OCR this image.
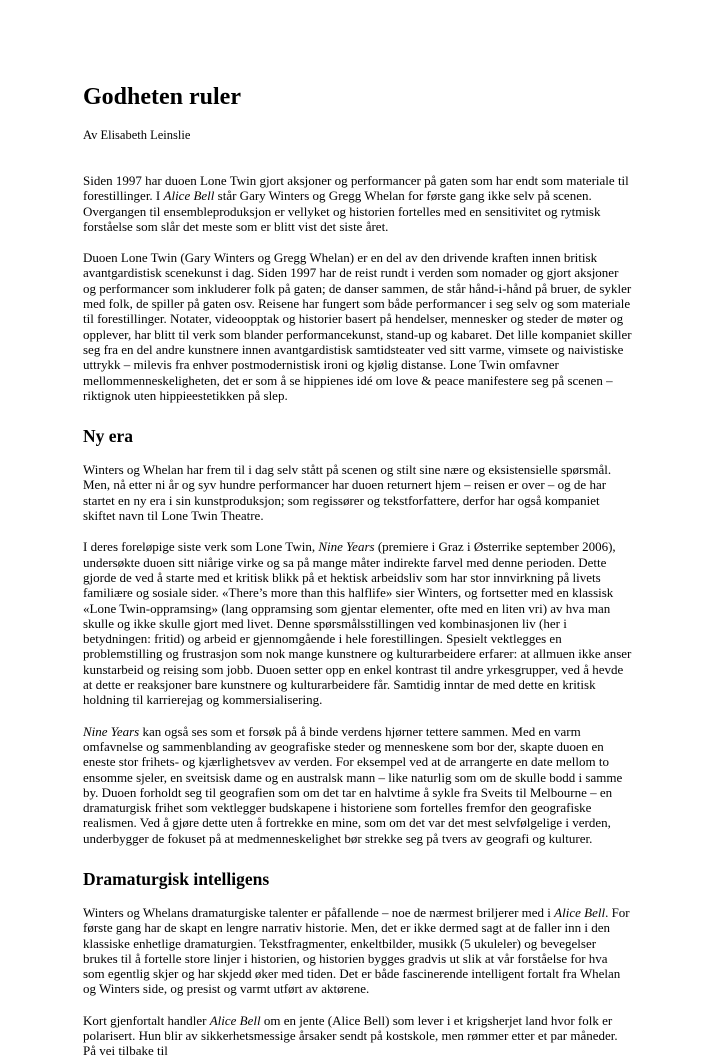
Godheten ruler

Av Elisabeth Leinslie

Siden 1997 har duoen Lone Twin gjort aksjoner og performancer på gaten som har endt som materiale til forestillinger. I Alice Bell står Gary Winters og Gregg Whelan for første gang ikke selv på scenen. Overgangen til ensembleproduksjon er vellyket og historien fortelles med en sensitivitet og rytmisk forståelse som slår det meste som er blitt vist det siste året.

Duoen Lone Twin (Gary Winters og Gregg Whelan) er en del av den drivende kraften innen britisk avantgardistisk scenekunst i dag. Siden 1997 har de reist rundt i verden som nomader og gjort aksjoner og performancer som inkluderer folk på gaten; de danser sammen, de står hånd-i-hånd på bruer, de sykler med folk, de spiller på gaten osv. Reisene har fungert som både performancer i seg selv og som materiale til forestillinger. Notater, videoopptak og historier basert på hendelser, mennesker og steder de møter og opplever, har blitt til verk som blander performancekunst, stand-up og kabaret. Det lille kompaniet skiller seg fra en del andre kunstnere innen avantgardistisk samtidsteater ved sitt varme, vimsete og naivistiske uttrykk – milevis fra enhver postmodernistisk ironi og kjølig distanse. Lone Twin omfavner mellommenneskeligheten, det er som å se hippienes idé om love & peace manifestere seg på scenen – riktignok uten hippieestetikken på slep.

Ny era

Winters og Whelan har frem til i dag selv stått på scenen og stilt sine nære og eksistensielle spørsmål. Men, nå etter ni år og syv hundre performancer har duoen returnert hjem – reisen er over – og de har startet en ny era i sin kunstproduksjon; som regissører og tekstforfattere, derfor har også kompaniet skiftet navn til Lone Twin Theatre.

I deres foreløpige siste verk som Lone Twin, Nine Years (premiere i Graz i Østerrike september 2006), undersøkte duoen sitt niårige virke og sa på mange måter indirekte farvel med denne perioden. Dette gjorde de ved å starte med et kritisk blikk på et hektisk arbeidsliv som har stor innvirkning på livets familiære og sosiale sider. «There’s more than this halflife» sier Winters, og fortsetter med en klassisk «Lone Twin-oppramsing» (lang oppramsing som gjentar elementer, ofte med en liten vri) av hva man skulle og ikke skulle gjort med livet. Denne spørsmålsstillingen ved kombinasjonen liv (her i betydningen: fritid) og arbeid er gjennomgående i hele forestillingen. Spesielt vektlegges en problemstilling og frustrasjon som nok mange kunstnere og kulturarbeidere erfarer: at allmuen ikke anser kunstarbeid og reising som jobb. Duoen setter opp en enkel kontrast til andre yrkesgrupper, ved å hevde at dette er reaksjoner bare kunstnere og kulturarbeidere får. Samtidig inntar de med dette en kritisk holdning til karrierejag og kommersialisering.

Nine Years kan også ses som et forsøk på å binde verdens hjørner tettere sammen. Med en varm omfavnelse og sammenblanding av geografiske steder og menneskene som bor der, skapte duoen en eneste stor frihets- og kjærlighetsvev av verden. For eksempel ved at de arrangerte en date mellom to ensomme sjeler, en sveitsisk dame og en australsk mann – like naturlig som om de skulle bodd i samme by. Duoen forholdt seg til geografien som om det tar en halvtime å sykle fra Sveits til Melbourne – en dramaturgisk frihet som vektlegger budskapene i historiene som fortelles fremfor den geografiske realismen. Ved å gjøre dette uten å fortrekke en mine, som om det var det mest selvfølgelige i verden, underbygger de fokuset på at medmenneskelighet bør strekke seg på tvers av geografi og kulturer.

Dramaturgisk intelligens

Winters og Whelans dramaturgiske talenter er påfallende – noe de nærmest briljerer med i Alice Bell. For første gang har de skapt en lengre narrativ historie. Men, det er ikke dermed sagt at de faller inn i den klassiske enhetlige dramaturgien. Tekstfragmenter, enkeltbilder, musikk (5 ukuleler) og bevegelser brukes til å fortelle store linjer i historien, og historien bygges gradvis ut slik at vår forståelse for hva som egentlig skjer og har skjedd øker med tiden. Det er både fascinerende intelligent fortalt fra Whelan og Winters side, og presist og varmt utført av aktørene.

Kort gjenfortalt handler Alice Bell om en jente (Alice Bell) som lever i et krigsherjet land hvor folk er polarisert. Hun blir av sikkerhetsmessige årsaker sendt på kostskole, men rømmer etter et par måneder. På vei tilbake til
